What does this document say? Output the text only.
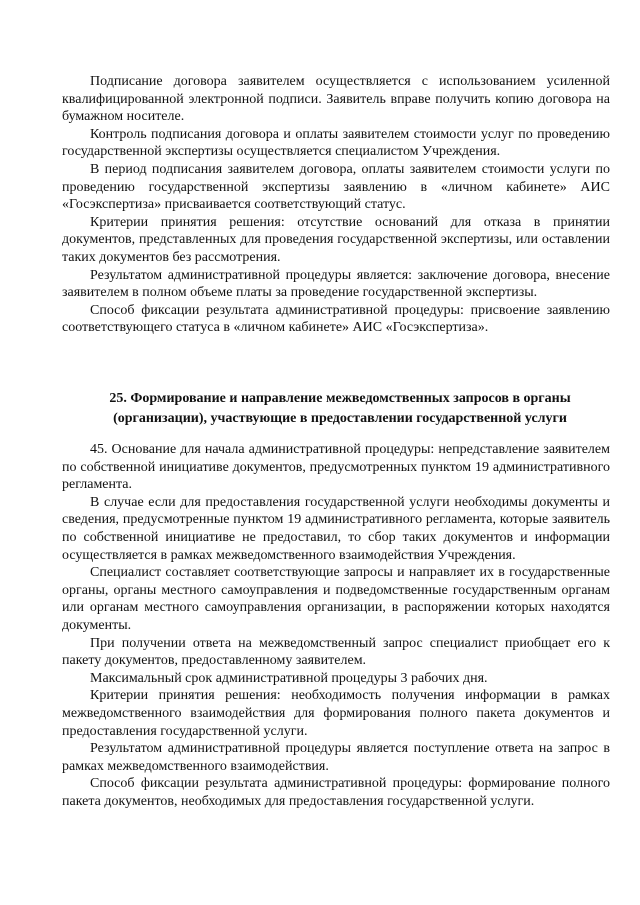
Подписание договора заявителем осуществляется с использованием усиленной квалифицированной электронной подписи. Заявитель вправе получить копию договора на бумажном носителе.

Контроль подписания договора и оплаты заявителем стоимости услуг по проведению государственной экспертизы осуществляется специалистом Учреждения.

В период подписания заявителем договора, оплаты заявителем стоимости услуги по проведению государственной экспертизы заявлению в «личном кабинете» АИС «Госэкспертиза» присваивается соответствующий статус.

Критерии принятия решения: отсутствие оснований для отказа в принятии документов, представленных для проведения государственной экспертизы, или оставлении таких документов без рассмотрения.

Результатом административной процедуры является: заключение договора, внесение заявителем в полном объеме платы за проведение государственной экспертизы.

Способ фиксации результата административной процедуры: присвоение заявлению соответствующего статуса в «личном кабинете» АИС «Госэкспертиза».

25. Формирование и направление межведомственных запросов в органы
(организации), участвующие в предоставлении государственной услуги

45. Основание для начала административной процедуры: непредставление заявителем по собственной инициативе документов, предусмотренных пунктом 19 административного регламента.

В случае если для предоставления государственной услуги необходимы документы и сведения, предусмотренные пунктом 19 административного регламента, которые заявитель по собственной инициативе не предоставил, то сбор таких документов и информации осуществляется в рамках межведомственного взаимодействия Учреждения.

Специалист составляет соответствующие запросы и направляет их в государственные органы, органы местного самоуправления и подведомственные государственным органам или органам местного самоуправления организации, в распоряжении которых находятся документы.

При получении ответа на межведомственный запрос специалист приобщает его к пакету документов, предоставленному заявителем.

Максимальный срок административной процедуры 3 рабочих дня.

Критерии принятия решения: необходимость получения информации в рамках межведомственного взаимодействия для формирования полного пакета документов и предоставления государственной услуги.

Результатом административной процедуры является поступление ответа на запрос в рамках межведомственного взаимодействия.

Способ фиксации результата административной процедуры: формирование полного пакета документов, необходимых для предоставления государственной услуги.
